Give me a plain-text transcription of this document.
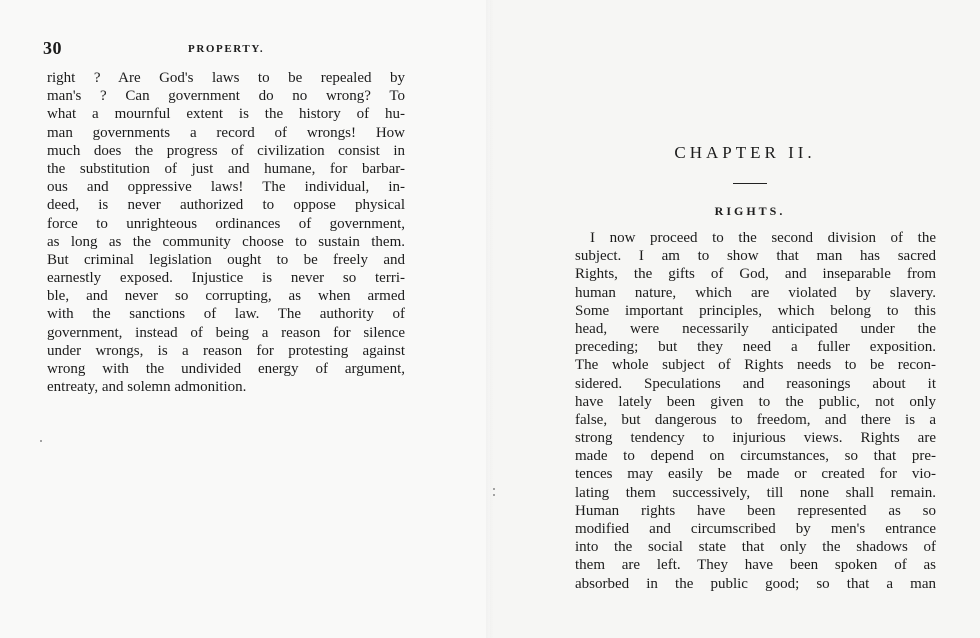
30	PROPERTY.
right ? Are God's laws to be repealed by
man's ? Can government do no wrong? To
what a mournful extent is the history of hu-
man governments a record of wrongs! How
much does the progress of civilization consist in
the substitution of just and humane, for barbar-
ous and oppressive laws! The individual, in-
deed, is never authorized to oppose physical
force to unrighteous ordinances of government,
as long as the community choose to sustain them.
But criminal legislation ought to be freely and
earnestly exposed. Injustice is never so terri-
ble, and never so corrupting, as when armed
with the sanctions of law. The authority of
government, instead of being a reason for silence
under wrongs, is a reason for protesting against
wrong with the undivided energy of argument,
entreaty, and solemn admonition.
CHAPTER II.
RIGHTS.
I now proceed to the second division of the
subject. I am to show that man has sacred
Rights, the gifts of God, and inseparable from
human nature, which are violated by slavery.
Some important principles, which belong to this
head, were necessarily anticipated under the
preceding; but they need a fuller exposition.
The whole subject of Rights needs to be recon-
sidered. Speculations and reasonings about it
have lately been given to the public, not only
false, but dangerous to freedom, and there is a
strong tendency to injurious views. Rights are
made to depend on circumstances, so that pre-
tences may easily be made or created for vio-
lating them successively, till none shall remain.
Human rights have been represented as so
modified and circumscribed by men's entrance
into the social state that only the shadows of
them are left. They have been spoken of as
absorbed in the public good; so that a man
